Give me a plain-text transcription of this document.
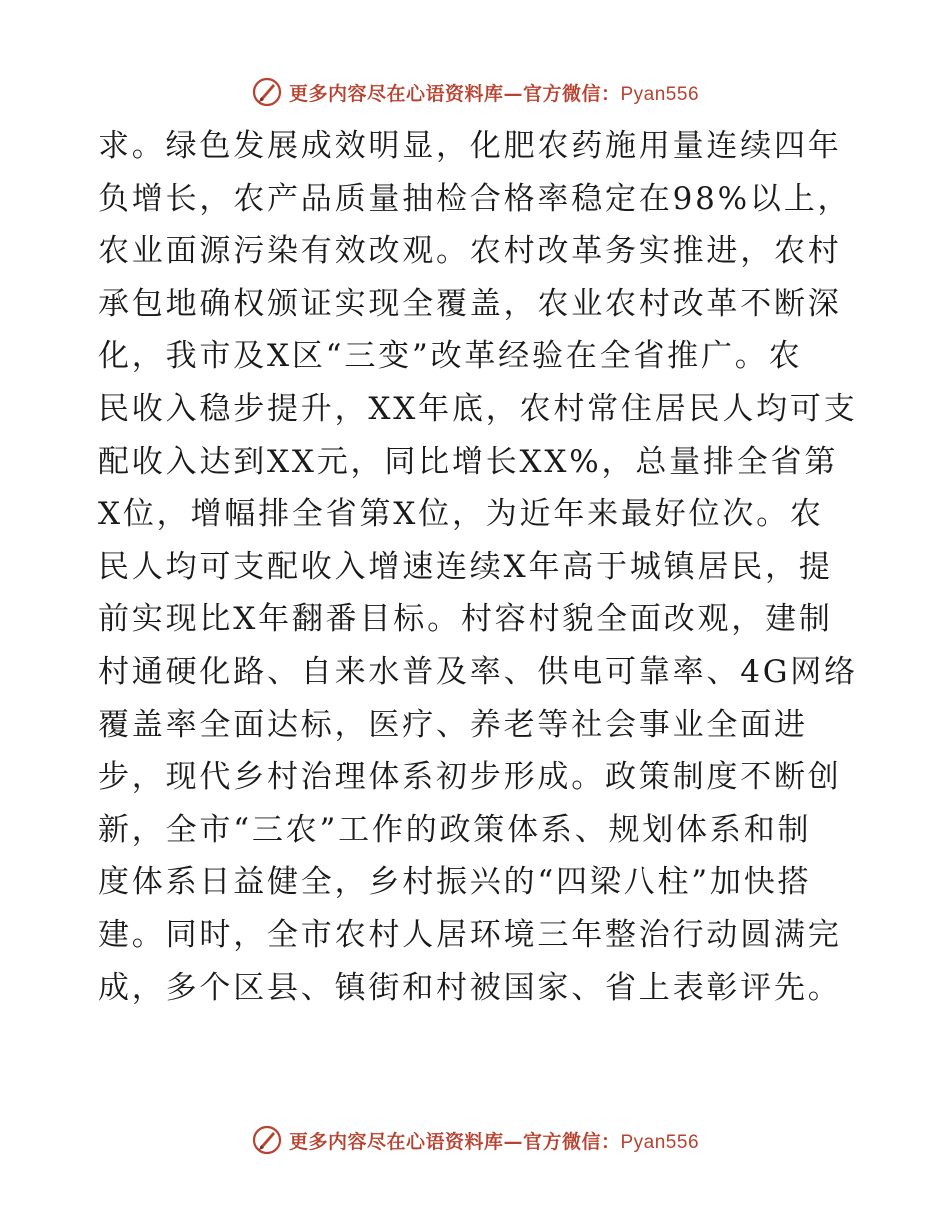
更多内容尽在心语资料库—官方微信：Pyan556
求。绿色发展成效明显，化肥农药施用量连续四年
负增长，农产品质量抽检合格率稳定在98%以上，
农业面源污染有效改观。农村改革务实推进，农村
承包地确权颁证实现全覆盖，农业农村改革不断深
化，我市及X区“三变”改革经验在全省推广。农
民收入稳步提升，XX年底，农村常住居民人均可支
配收入达到XX元，同比增长XX%，总量排全省第
X位，增幅排全省第X位，为近年来最好位次。农
民人均可支配收入增速连续X年高于城镇居民，提
前实现比X年翻番目标。村容村貌全面改观，建制
村通硬化路、自来水普及率、供电可靠率、4G网络
覆盖率全面达标，医疗、养老等社会事业全面进
步，现代乡村治理体系初步形成。政策制度不断创
新，全市“三农”工作的政策体系、规划体系和制
度体系日益健全，乡村振兴的“四梁八柱”加快搭
建。同时，全市农村人居环境三年整治行动圆满完
成，多个区县、镇街和村被国家、省上表彰评先。
更多内容尽在心语资料库—官方微信：Pyan556
